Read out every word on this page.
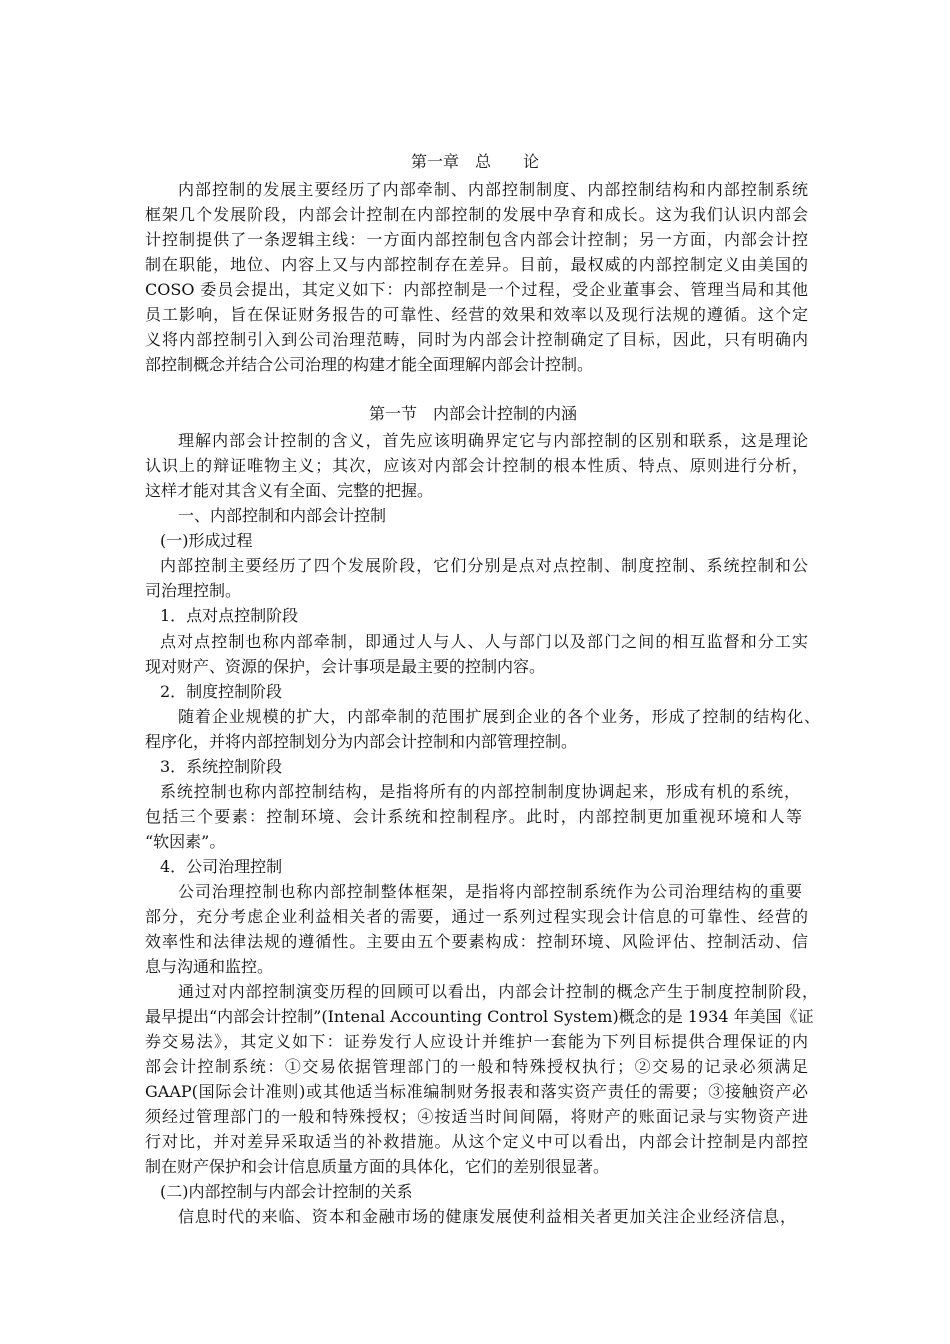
第一章　总　　论
内部控制的发展主要经历了内部牵制、内部控制制度、内部控制结构和内部控制系统
框架几个发展阶段，内部会计控制在内部控制的发展中孕育和成长。这为我们认识内部会
计控制提供了一条逻辑主线：一方面内部控制包含内部会计控制；另一方面，内部会计控
制在职能，地位、内容上又与内部控制存在差异。目前，最权威的内部控制定义由美国的
COSO 委员会提出，其定义如下：内部控制是一个过程，受企业董事会、管理当局和其他
员工影响，旨在保证财务报告的可靠性、经营的效果和效率以及现行法规的遵循。这个定
义将内部控制引入到公司治理范畴，同时为内部会计控制确定了目标，因此，只有明确内
部控制概念并结合公司治理的构建才能全面理解内部会计控制。
第一节　内部会计控制的内涵
理解内部会计控制的含义，首先应该明确界定它与内部控制的区别和联系，这是理论
认识上的辩证唯物主义；其次，应该对内部会计控制的根本性质、特点、原则进行分析，
这样才能对其含义有全面、完整的把握。
一、内部控制和内部会计控制
(一)形成过程
内部控制主要经历了四个发展阶段，它们分别是点对点控制、制度控制、系统控制和公
司治理控制。
1．点对点控制阶段
点对点控制也称内部牵制，即通过人与人、人与部门以及部门之间的相互监督和分工实
现对财产、资源的保护，会计事项是最主要的控制内容。
2．制度控制阶段
随着企业规模的扩大，内部牵制的范围扩展到企业的各个业务，形成了控制的结构化、
程序化，并将内部控制划分为内部会计控制和内部管理控制。
3．系统控制阶段
系统控制也称内部控制结构，是指将所有的内部控制制度协调起来，形成有机的系统，
包括三个要素：控制环境、会计系统和控制程序。此时，内部控制更加重视环境和人等
“软因素”。
4．公司治理控制
公司治理控制也称内部控制整体框架，是指将内部控制系统作为公司治理结构的重要
部分，充分考虑企业利益相关者的需要，通过一系列过程实现会计信息的可靠性、经营的
效率性和法律法规的遵循性。主要由五个要素构成：控制环境、风险评估、控制活动、信
息与沟通和监控。
通过对内部控制演变历程的回顾可以看出，内部会计控制的概念产生于制度控制阶段，
最早提出“内部会计控制”(Intenal Accounting Control System)概念的是 1934 年美国《证
券交易法》，其定义如下：证券发行人应设计并维护一套能为下列目标提供合理保证的内
部会计控制系统：①交易依据管理部门的一般和特殊授权执行；②交易的记录必须满足
GAAP(国际会计准则)或其他适当标准编制财务报表和落实资产责任的需要；③接触资产必
须经过管理部门的一般和特殊授权；④按适当时间间隔，将财产的账面记录与实物资产进
行对比，并对差异采取适当的补救措施。从这个定义中可以看出，内部会计控制是内部控
制在财产保护和会计信息质量方面的具体化，它们的差别很显著。
(二)内部控制与内部会计控制的关系
信息时代的来临、资本和金融市场的健康发展使利益相关者更加关注企业经济信息，
